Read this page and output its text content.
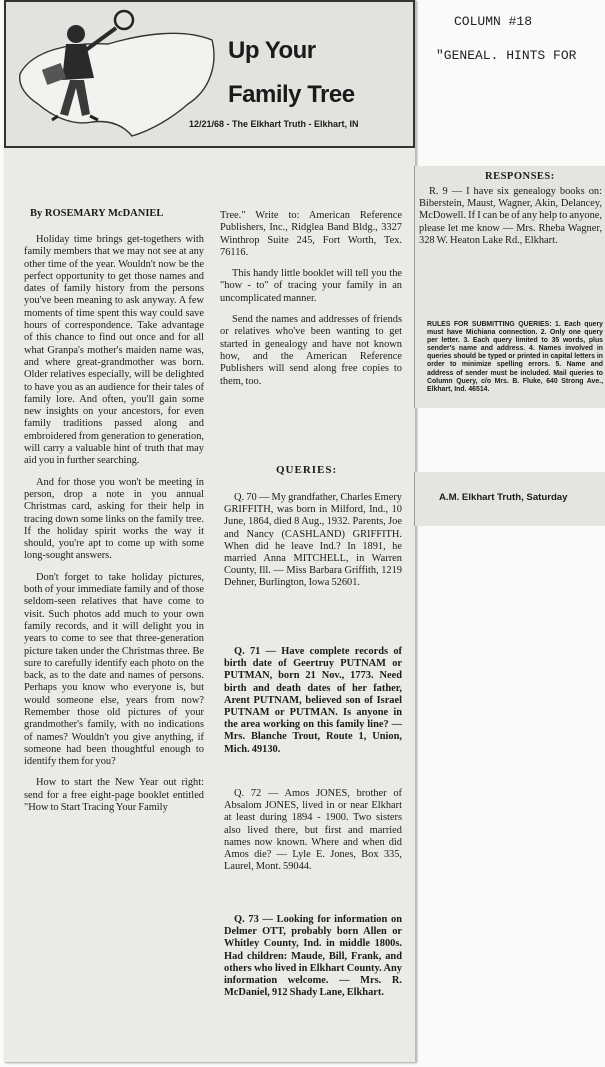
COLUMN #18
"GENEAL. HINTS FOR
Up Your
Family Tree
12/21/68 - The Elkhart Truth - Elkhart, IN
By ROSEMARY McDANIEL

Holiday time brings get-togethers with family members that we may not see at any other time of the year. Wouldn't now be the perfect opportunity to get those names and dates of family history from the persons you've been meaning to ask anyway. A few moments of time spent this way could save hours of correspondence. Take advantage of this chance to find out once and for all what Granpa's mother's maiden name was, and where great-grandmother was born. Older relatives especially, will be delighted to have you as an audience for their tales of family lore. And often, you'll gain some new insights on your ancestors, for even family traditions passed along and embroidered from generation to generation, will carry a valuable hint of truth that may aid you in further searching.

And for those you won't be meeting in person, drop a note in you annual Christmas card, asking for their help in tracing down some links on the family tree. If the holiday spirit works the way it should, you're apt to come up with some long-sought answers.

Don't forget to take holiday pictures, both of your immediate family and of those seldom-seen relatives that have come to visit. Such photos add much to your own family records, and it will delight you in years to come to see that three-generation picture taken under the Christmas three. Be sure to carefully identify each photo on the back, as to the date and names of persons. Perhaps you know who everyone is, but would someone else, years from now? Remember those old pictures of your grandmother's family, with no indications of names? Wouldn't you give anything, if someone had been thoughtful enough to identify them for you?

How to start the New Year out right: send for a free eight-page booklet entitled "How to Start Tracing Your Family

Tree." Write to: American Reference Publishers, Inc., Ridglea Band Bldg., 3327 Winthrop Suite 245, Fort Worth, Tex. 76116.

This handy little booklet will tell you the "how - to" of tracing your family in an uncomplicated manner.

Send the names and addresses of friends or relatives who've been wanting to get started in genealogy and have not known how, and the American Reference Publishers will send along free copies to them, too.

QUERIES:
Q. 70 — My grandfather, Charles Emery GRIFFITH, was born in Milford, Ind., 10 June, 1864, died 8 Aug., 1932. Parents, Joe and Nancy (CASHLAND) GRIFFITH. When did he leave Ind.? In 1891, he married Anna MITCHELL, in Warren County, Ill. — Miss Barbara Griffith, 1219 Dehner, Burlington, Iowa 52601.
Q. 71 — Have complete records of birth date of Geertruy PUTNAM or PUTMAN, born 21 Nov., 1773. Need birth and death dates of her father, Arent PUTNAM, believed son of Israel PUTNAM or PUTMAN. Is anyone in the area working on this family line? — Mrs. Blanche Trout, Route 1, Union, Mich. 49130.
Q. 72 — Amos JONES, brother of Absalom JONES, lived in or near Elkhart at least during 1894 - 1900. Two sisters also lived there, but first and married names now known. Where and when did Amos die? — Lyle E. Jones, Box 335, Laurel, Mont. 59044.
Q. 73 — Looking for information on Delmer OTT, probably born Allen or Whitley County, Ind. in middle 1800s. Had children: Maude, Bill, Frank, and others who lived in Elkhart County. Any information welcome. — Mrs. R. McDaniel, 912 Shady Lane, Elkhart.
RESPONSES:
R. 9 — I have six genealogy books on: Biberstein, Maust, Wagner, Akin, Delancey, McDowell. If I can be of any help to anyone, please let me know — Mrs. Rheba Wagner, 328 W. Heaton Lake Rd., Elkhart.
RULES FOR SUBMITTING QUERIES: 1. Each query must have Michiana connection. 2. Only one query per letter. 3. Each query limited to 35 words, plus sender's name and address. 4. Names involved in queries should be typed or printed in capital letters in order to minimize spelling errors. 5. Name and address of sender must be included. Mail queries to Column Query, c/o Mrs. B. Fluke, 640 Strong Ave., Elkhart, Ind. 46514.
A.M. Elkhart Truth, Saturday
